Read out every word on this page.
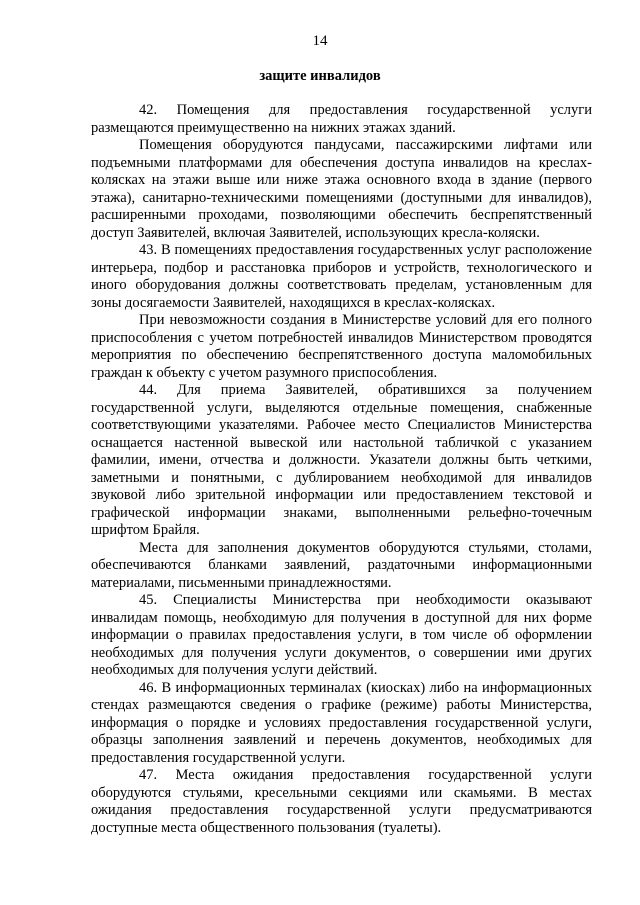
14
защите инвалидов

42. Помещения для предоставления государственной услуги размещаются преимущественно на нижних этажах зданий.

Помещения оборудуются пандусами, пассажирскими лифтами или подъемными платформами для обеспечения доступа инвалидов на креслах-колясках на этажи выше или ниже этажа основного входа в здание (первого этажа), санитарно-техническими помещениями (доступными для инвалидов), расширенными проходами, позволяющими обеспечить беспрепятственный доступ Заявителей, включая Заявителей, использующих кресла-коляски.

43. В помещениях предоставления государственных услуг расположение интерьера, подбор и расстановка приборов и устройств, технологического и иного оборудования должны соответствовать пределам, установленным для зоны досягаемости Заявителей, находящихся в креслах-колясках.

При невозможности создания в Министерстве условий для его полного приспособления с учетом потребностей инвалидов Министерством проводятся мероприятия по обеспечению беспрепятственного доступа маломобильных граждан к объекту с учетом разумного приспособления.

44. Для приема Заявителей, обратившихся за получением государственной услуги, выделяются отдельные помещения, снабженные соответствующими указателями. Рабочее место Специалистов Министерства оснащается настенной вывеской или настольной табличкой с указанием фамилии, имени, отчества и должности. Указатели должны быть четкими, заметными и понятными, с дублированием необходимой для инвалидов звуковой либо зрительной информации или предоставлением текстовой и графической информации знаками, выполненными рельефно-точечным шрифтом Брайля.

Места для заполнения документов оборудуются стульями, столами, обеспечиваются бланками заявлений, раздаточными информационными материалами, письменными принадлежностями.

45. Специалисты Министерства при необходимости оказывают инвалидам помощь, необходимую для получения в доступной для них форме информации о правилах предоставления услуги, в том числе об оформлении необходимых для получения услуги документов, о совершении ими других необходимых для получения услуги действий.

46. В информационных терминалах (киосках) либо на информационных стендах размещаются сведения о графике (режиме) работы Министерства, информация о порядке и условиях предоставления государственной услуги, образцы заполнения заявлений и перечень документов, необходимых для предоставления государственной услуги.

47. Места ожидания предоставления государственной услуги оборудуются стульями, кресельными секциями или скамьями. В местах ожидания предоставления государственной услуги предусматриваются доступные места общественного пользования (туалеты).
